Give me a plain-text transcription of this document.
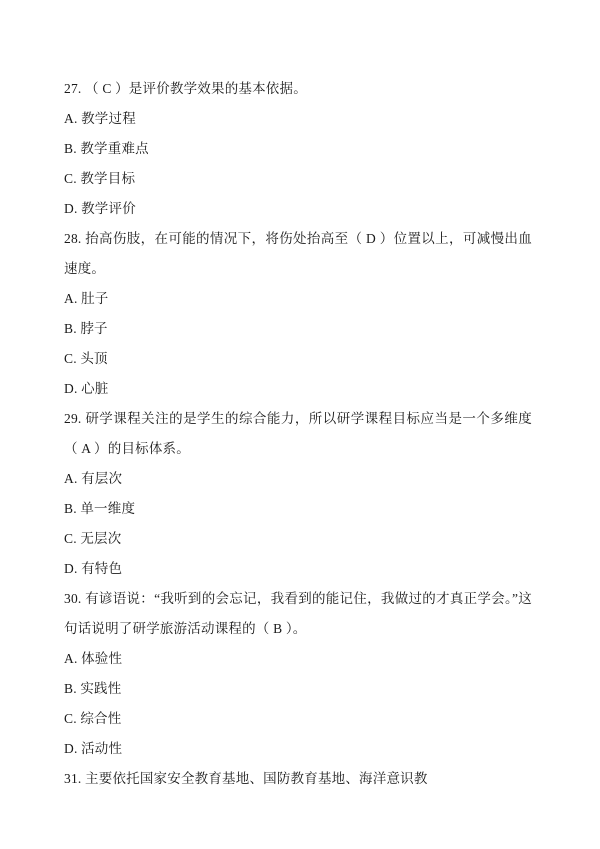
27. （ C ）是评价教学效果的基本依据。

A. 教学过程

B. 教学重难点

C. 教学目标

D. 教学评价

28. 抬高伤肢，在可能的情况下，将伤处抬高至（ D ）位置以上，可减慢出血速度。

A. 肚子

B. 脖子

C. 头顶

D. 心脏

29. 研学课程关注的是学生的综合能力，所以研学课程目标应当是一个多维度（ A ）的目标体系。

A. 有层次

B. 单一维度

C. 无层次

D. 有特色

30. 有谚语说：“我听到的会忘记，我看到的能记住，我做过的才真正学会。”这句话说明了研学旅游活动课程的（ B ）。

A. 体验性

B. 实践性

C. 综合性

D. 活动性

31. 主要依托国家安全教育基地、国防教育基地、海洋意识教
